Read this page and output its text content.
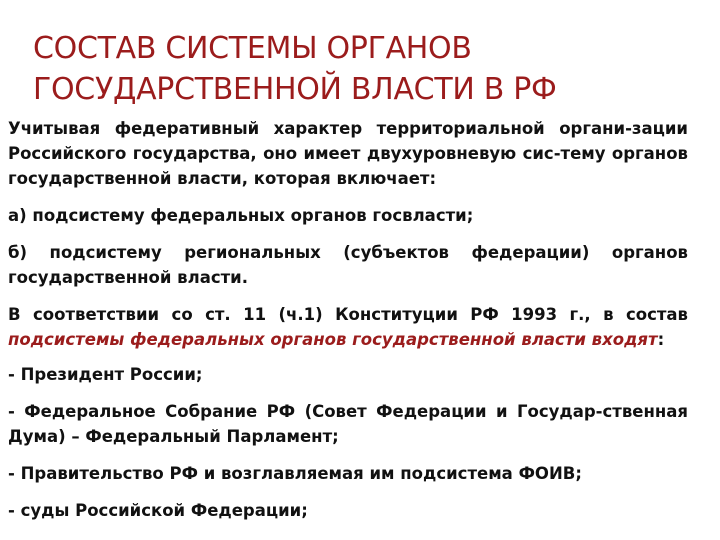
СОСТАВ СИСТЕМЫ ОРГАНОВ
ГОСУДАРСТВЕННОЙ ВЛАСТИ В РФ

Учитывая федеративный характер территориальной органи-зации Российского государства, оно имеет двухуровневую сис-тему органов государственной власти, которая включает:

а) подсистему федеральных органов госвласти;

б) подсистему региональных (субъектов федерации) органов государственной власти.

В соответствии со ст. 11 (ч.1) Конституции РФ 1993 г., в состав подсистемы федеральных органов государственной власти входят:

- Президент России;

- Федеральное Собрание РФ (Совет Федерации и Государ-ственная Дума) – Федеральный Парламент;

- Правительство РФ и возглавляемая им подсистема ФОИВ;

- суды Российской Федерации;
